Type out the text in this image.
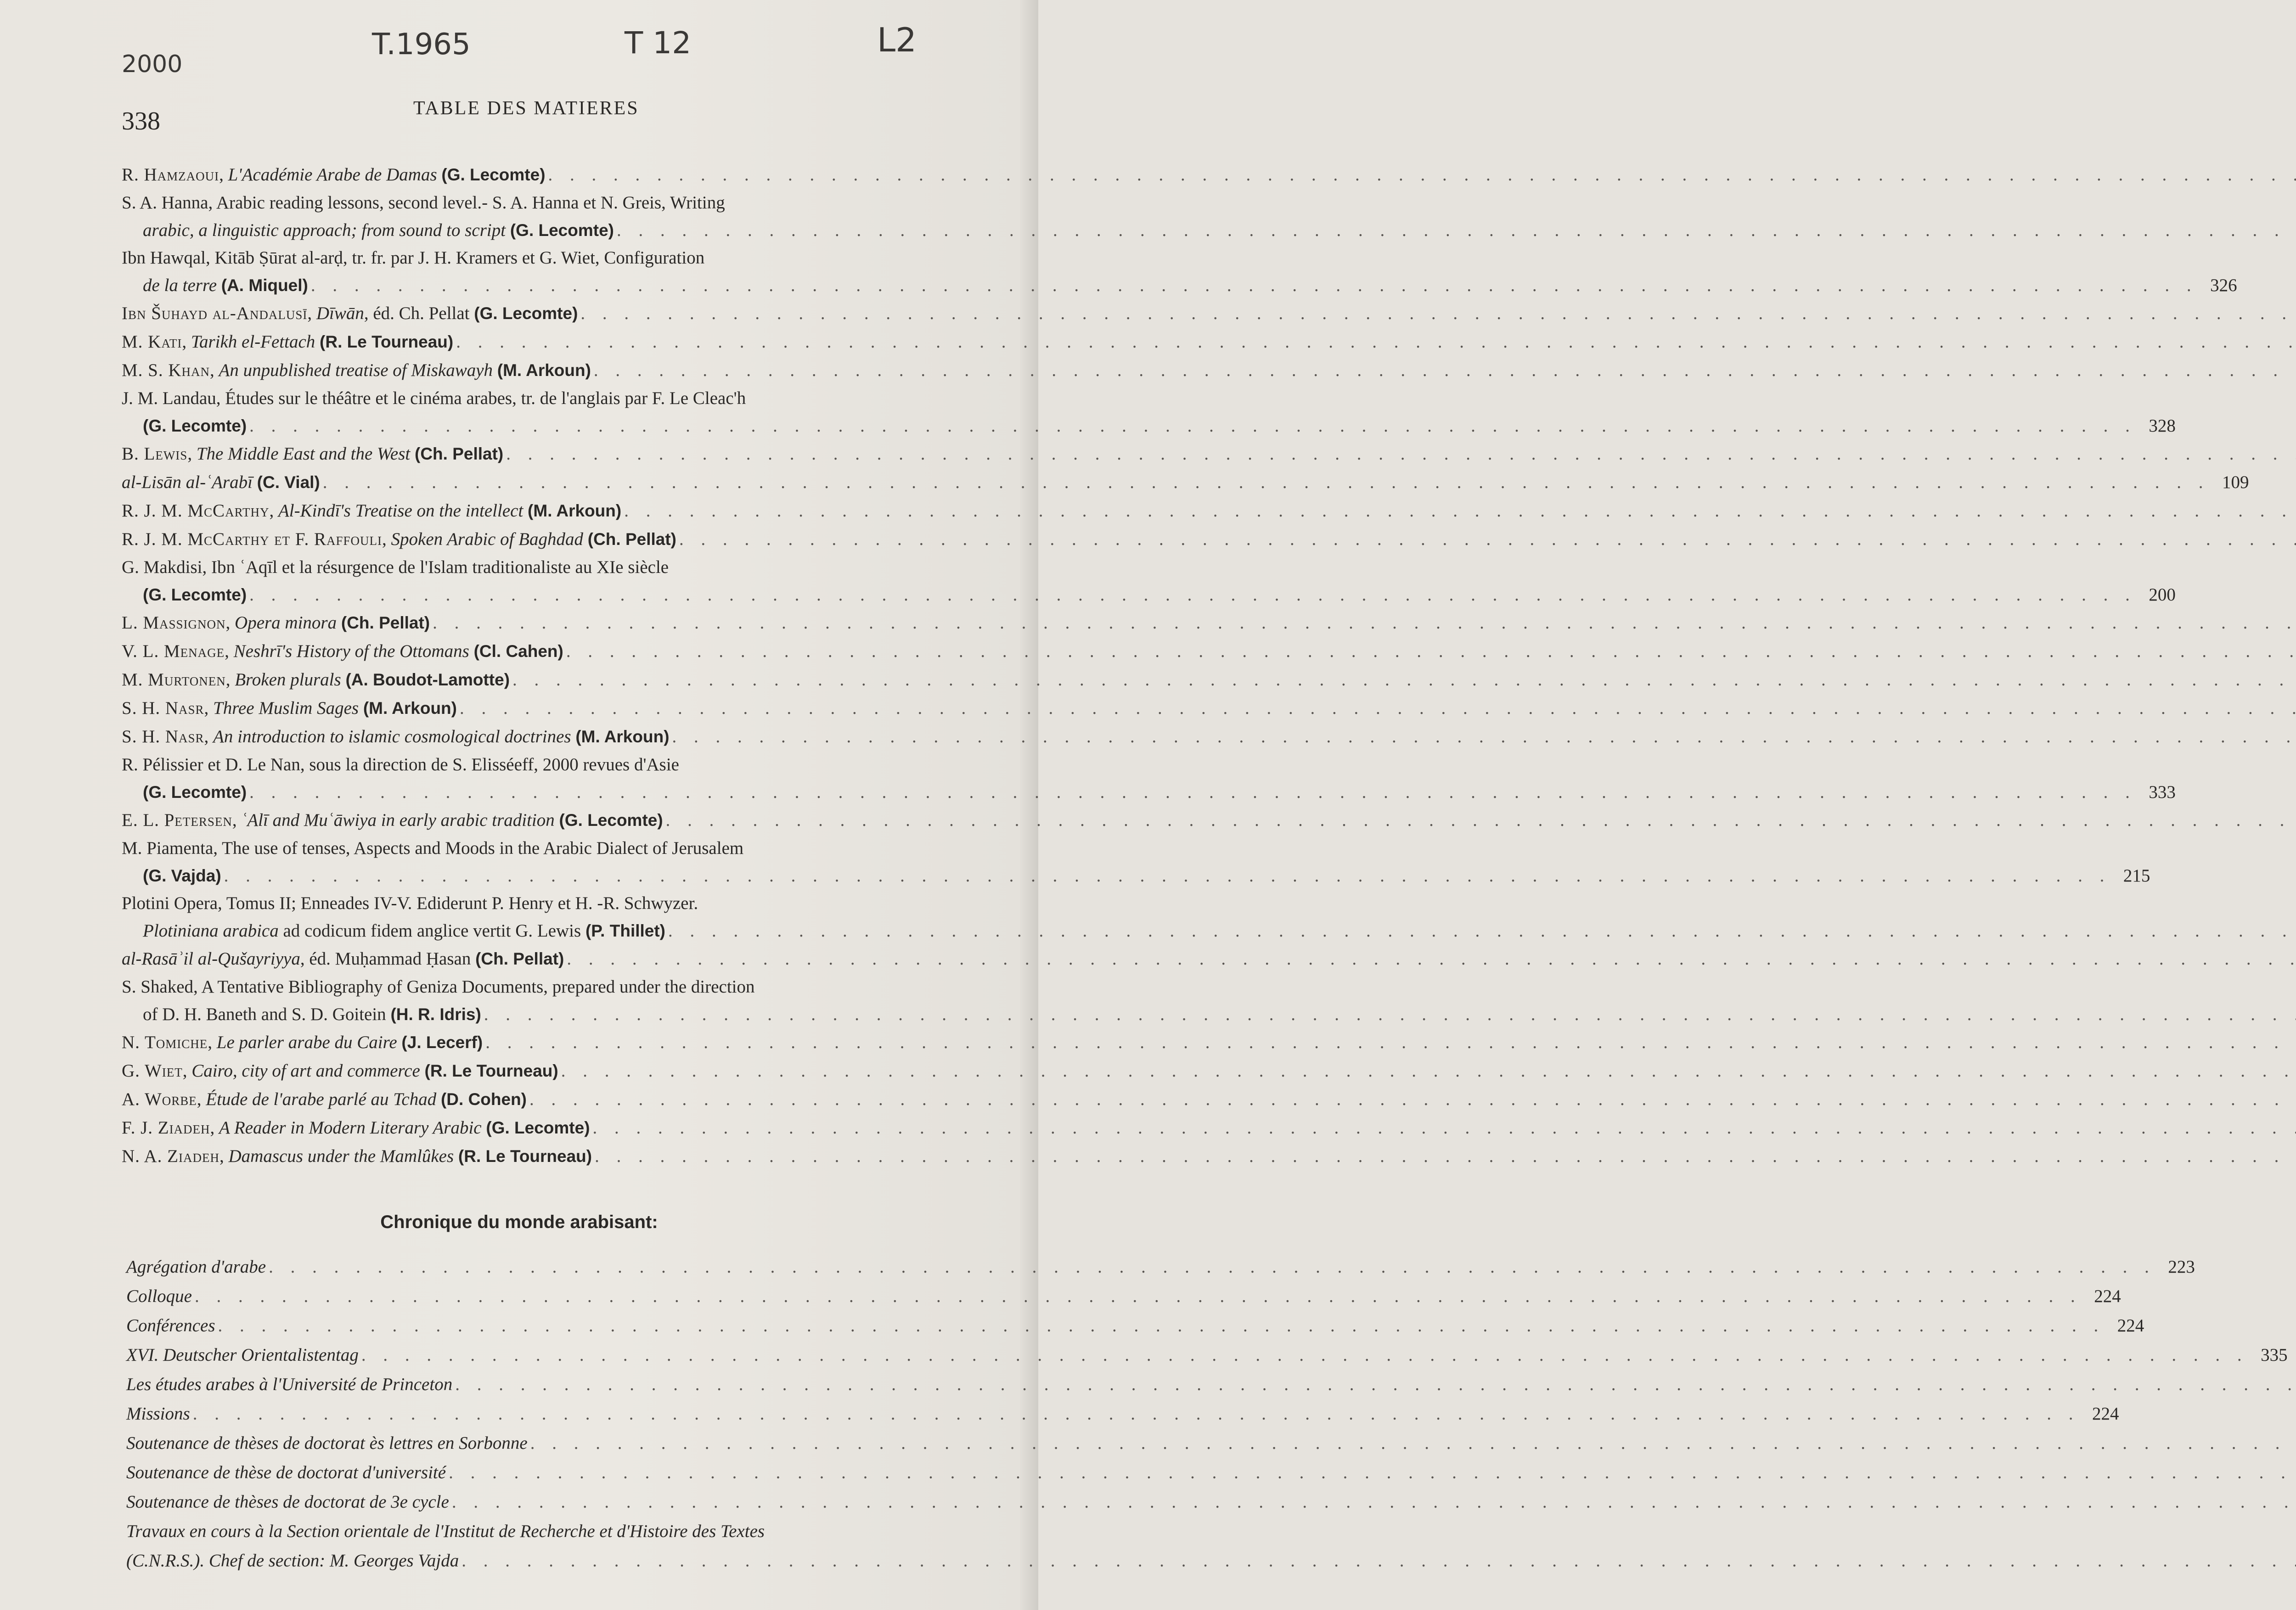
2000
T.1965	T 12	L2
338	TABLE DES MATIERES
R. Hamzaoui, L'Académie Arabe de Damas (G. Lecomte)
. . .
S. A. Hanna, Arabic reading lessons, second level.- S. A. Hanna et N. Greis, Writing
arabic, a linguistic approach; from sound to script (G. Lecomte)
. . .
Ibn Hawqal, Kitāb Ṣūrat al-arḍ, tr. fr. par J. H. Kramers et G. Wiet, Configuration
de la terre (A. Miquel) . . .	326
Ibn Šuhayd al-Andalusī, Dīwān, éd. Ch. Pellat (G. Lecomte)
. . .
M. Kati, Tarikh el-Fettach (R. Le Tourneau)
. . .
M. S. Khan, An unpublished treatise of Miskawayh (M. Arkoun)
. . .
J. M. Landau, Études sur le théâtre et le cinéma arabes, tr. de l'anglais par F. Le Cleac'h
(G. Lecomte) . . .	328
B. Lewis, The Middle East and the West (Ch. Pellat)
. . .
al-Lisān al-ʿArabī (C. Vial) . . .	109
R. J. M. McCarthy, Al-Kindī's Treatise on the intellect (M. Arkoun)
. . .
R. J. M. McCarthy et F. Raffouli, Spoken Arabic of Baghdad (Ch. Pellat)
. . .
G. Makdisi, Ibn ʿAqīl et la résurgence de l'Islam traditionaliste au XIe siècle
(G. Lecomte) . . .	200
L. Massignon, Opera minora (Ch. Pellat)
. . .
V. L. Menage, Neshrī's History of the Ottomans (Cl. Cahen)
. . .
M. Murtonen, Broken plurals (A. Boudot-Lamotte)
. . .
S. H. Nasr, Three Muslim Sages (M. Arkoun)
. . .
S. H. Nasr, An introduction to islamic cosmological doctrines (M. Arkoun)
. . .
R. Pélissier et D. Le Nan, sous la direction de S. Elisséeff, 2000 revues d'Asie
(G. Lecomte) . . .	333
E. L. Petersen, ʿAlī and Muʿāwiya in early arabic tradition (G. Lecomte)
. . .
M. Piamenta, The use of tenses, Aspects and Moods in the Arabic Dialect of Jerusalem
(G. Vajda) . . .	215
Plotini Opera, Tomus II; Enneades IV-V. Ediderunt P. Henry et H. -R. Schwyzer.
Plotiniana arabica ad codicum fidem anglice vertit G. Lewis (P. Thillet)
. . .
al-Rasāʾil al-Qušayriyya, éd. Muḥammad Ḥasan (Ch. Pellat)
. . .
S. Shaked, A Tentative Bibliography of Geniza Documents, prepared under the direction
of D. H. Baneth and S. D. Goitein (H. R. Idris)
. . .
N. Tomiche, Le parler arabe du Caire (J. Lecerf)
. . .
G. Wiet, Cairo, city of art and commerce (R. Le Tourneau)
. . .
A. Worbe, Étude de l'arabe parlé au Tchad (D. Cohen)
. . .
F. J. Ziadeh, A Reader in Modern Literary Arabic (G. Lecomte)
. . .
N. A. Ziadeh, Damascus under the Mamlûkes (R. Le Tourneau)
. . .
Chronique du monde arabisant:
Agrégation d'arabe . . .	223
Colloque . . .	224
Conférences . . .	224
XVI. Deutscher Orientalistentag . . .	335
Les études arabes à l'Université de Princeton
. . .
Missions . . .	224
Soutenance de thèses de doctorat ès lettres en Sorbonne
. . .
Soutenance de thèse de doctorat d'université
. . .
Soutenance de thèses de doctorat de 3e cycle
. . .
Travaux en cours à la Section orientale de l'Institut de Recherche et d'Histoire des Textes
(C.N.R.S.). Chef de section: M. Georges Vajda
. . .
